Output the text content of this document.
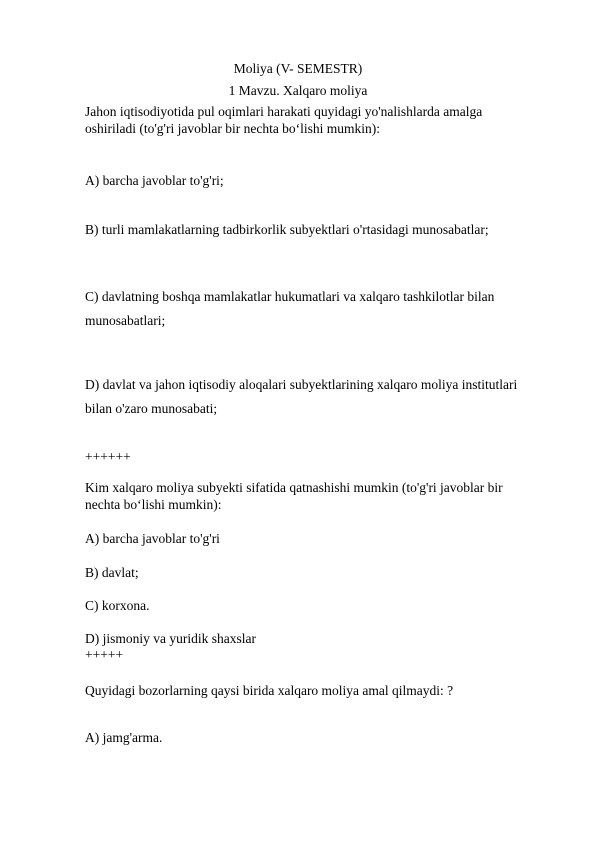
Moliya (V- SEMESTR)
1 Mavzu. Xalqaro moliya
Jahon iqtisodiyotida pul oqimlari harakati quyidagi yo'nalishlarda amalga
oshiriladi (to'g'ri javoblar bir nechta bo‘lishi mumkin):
A) barcha javoblar to'g'ri;
B) turli mamlakatlarning tadbirkorlik subyektlari o'rtasidagi munosabatlar;
C) davlatning boshqa mamlakatlar hukumatlari va xalqaro tashkilotlar bilan
munosabatlari;
D) davlat va jahon iqtisodiy aloqalari subyektlarining xalqaro moliya institutlari
bilan o'zaro munosabati;
++++++
Kim xalqaro moliya subyekti sifatida qatnashishi mumkin (to'g'ri javoblar bir
nechta bo‘lishi mumkin):
A) barcha javoblar to'g'ri
B) davlat;
C) korxona.
D) jismoniy va yuridik shaxslar
+++++
Quyidagi bozorlarning qaysi birida xalqaro moliya amal qilmaydi: ?
A) jamg'arma.
